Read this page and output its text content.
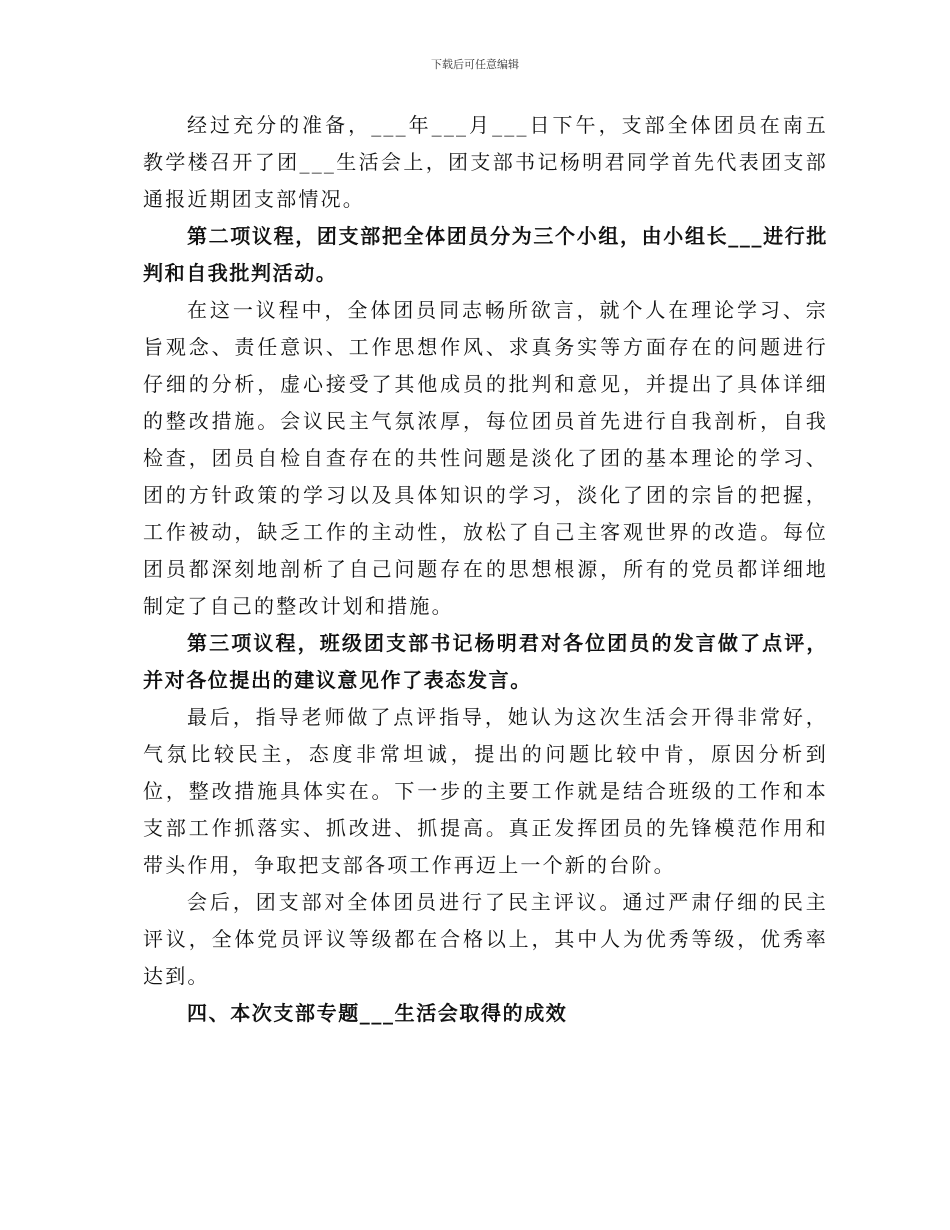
下载后可任意编辑

经过充分的准备，___年___月___日下午，支部全体团员在南五教学楼召开了团___生活会上，团支部书记杨明君同学首先代表团支部通报近期团支部情况。

第二项议程，团支部把全体团员分为三个小组，由小组长___进行批判和自我批判活动。

在这一议程中，全体团员同志畅所欲言，就个人在理论学习、宗旨观念、责任意识、工作思想作风、求真务实等方面存在的问题进行仔细的分析，虚心接受了其他成员的批判和意见，并提出了具体详细的整改措施。会议民主气氛浓厚，每位团员首先进行自我剖析，自我检查，团员自检自查存在的共性问题是淡化了团的基本理论的学习、团的方针政策的学习以及具体知识的学习，淡化了团的宗旨的把握，工作被动，缺乏工作的主动性，放松了自己主客观世界的改造。每位团员都深刻地剖析了自己问题存在的思想根源，所有的党员都详细地制定了自己的整改计划和措施。

第三项议程，班级团支部书记杨明君对各位团员的发言做了点评，并对各位提出的建议意见作了表态发言。

最后，指导老师做了点评指导，她认为这次生活会开得非常好，气氛比较民主，态度非常坦诚，提出的问题比较中肯，原因分析到位，整改措施具体实在。下一步的主要工作就是结合班级的工作和本支部工作抓落实、抓改进、抓提高。真正发挥团员的先锋模范作用和带头作用，争取把支部各项工作再迈上一个新的台阶。

会后，团支部对全体团员进行了民主评议。通过严肃仔细的民主评议，全体党员评议等级都在合格以上，其中人为优秀等级，优秀率达到。

四、本次支部专题___生活会取得的成效
